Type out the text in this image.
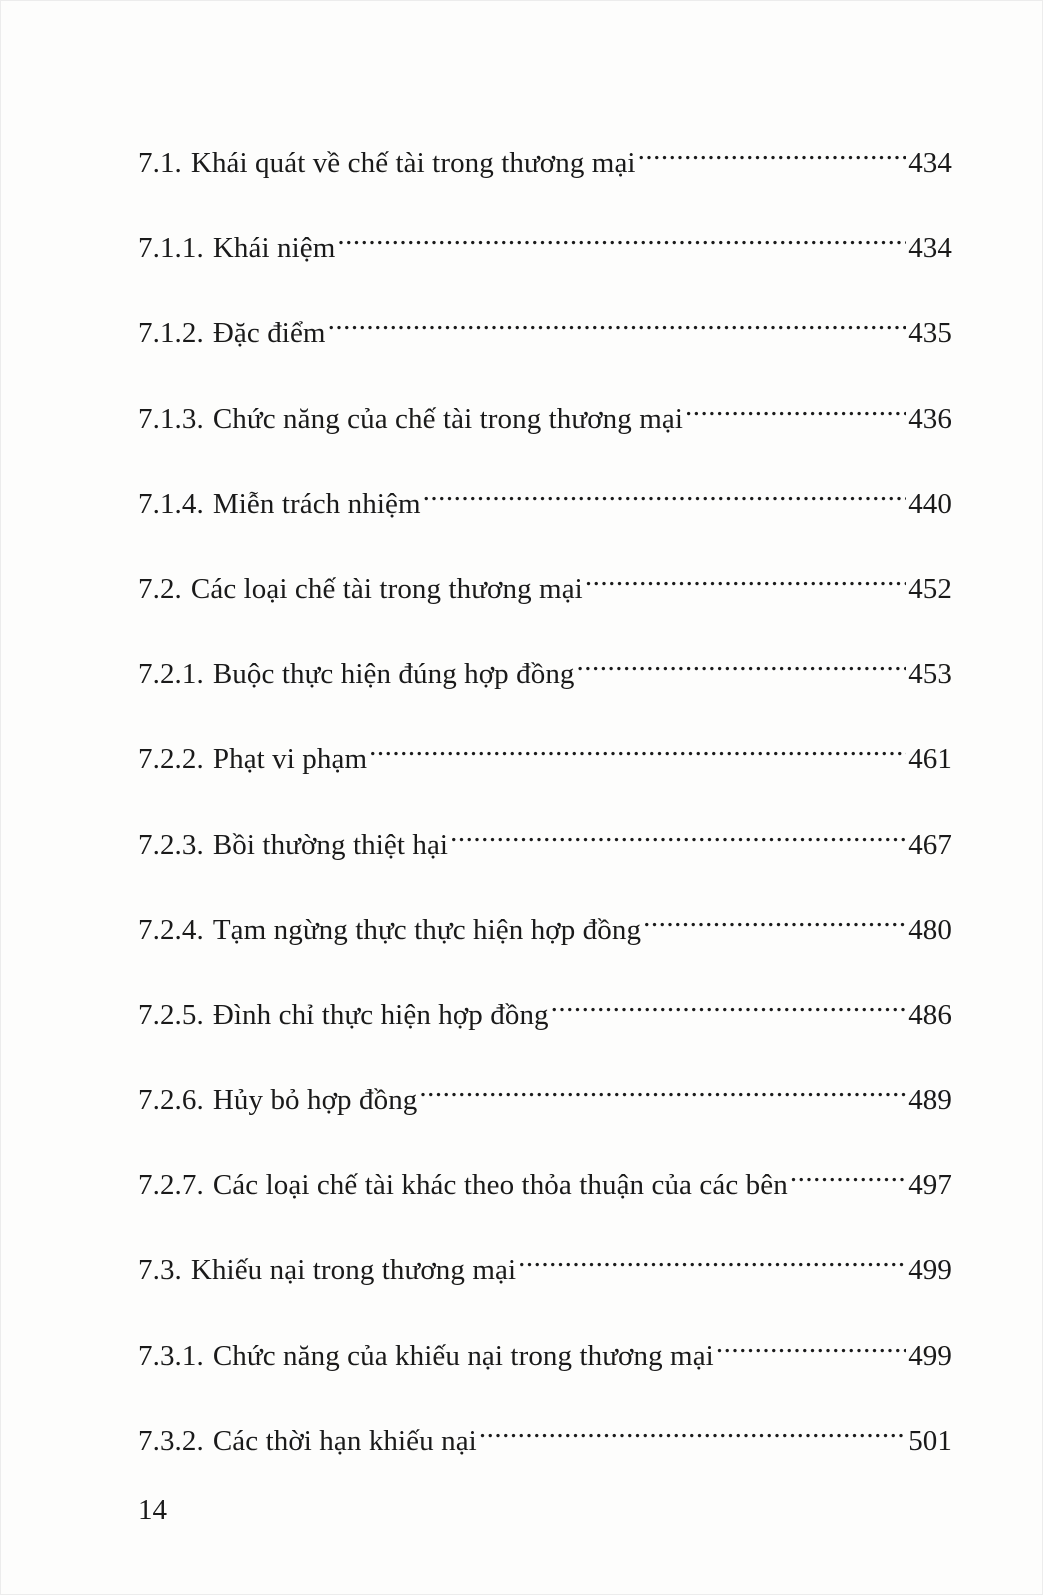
7.1. Khái quát về chế tài trong thương mại .....	434
7.1.1. Khái niệm .....	434
7.1.2. Đặc điểm .....	435
7.1.3. Chức năng của chế tài trong thương mại .....	436
7.1.4. Miễn trách nhiệm .....	440
7.2. Các loại chế tài trong thương mại .....	452
7.2.1. Buộc thực hiện đúng hợp đồng .....	453
7.2.2. Phạt vi phạm .....	461
7.2.3. Bồi thường thiệt hại .....	467
7.2.4. Tạm ngừng thực thực hiện hợp đồng .....	480
7.2.5. Đình chỉ thực hiện hợp đồng .....	486
7.2.6. Hủy bỏ hợp đồng .....	489
7.2.7. Các loại chế tài khác theo thỏa thuận của các bên .....	497
7.3. Khiếu nại trong thương mại .....	499
7.3.1. Chức năng của khiếu nại trong thương mại .....	499
7.3.2. Các thời hạn khiếu nại .....	501
14
